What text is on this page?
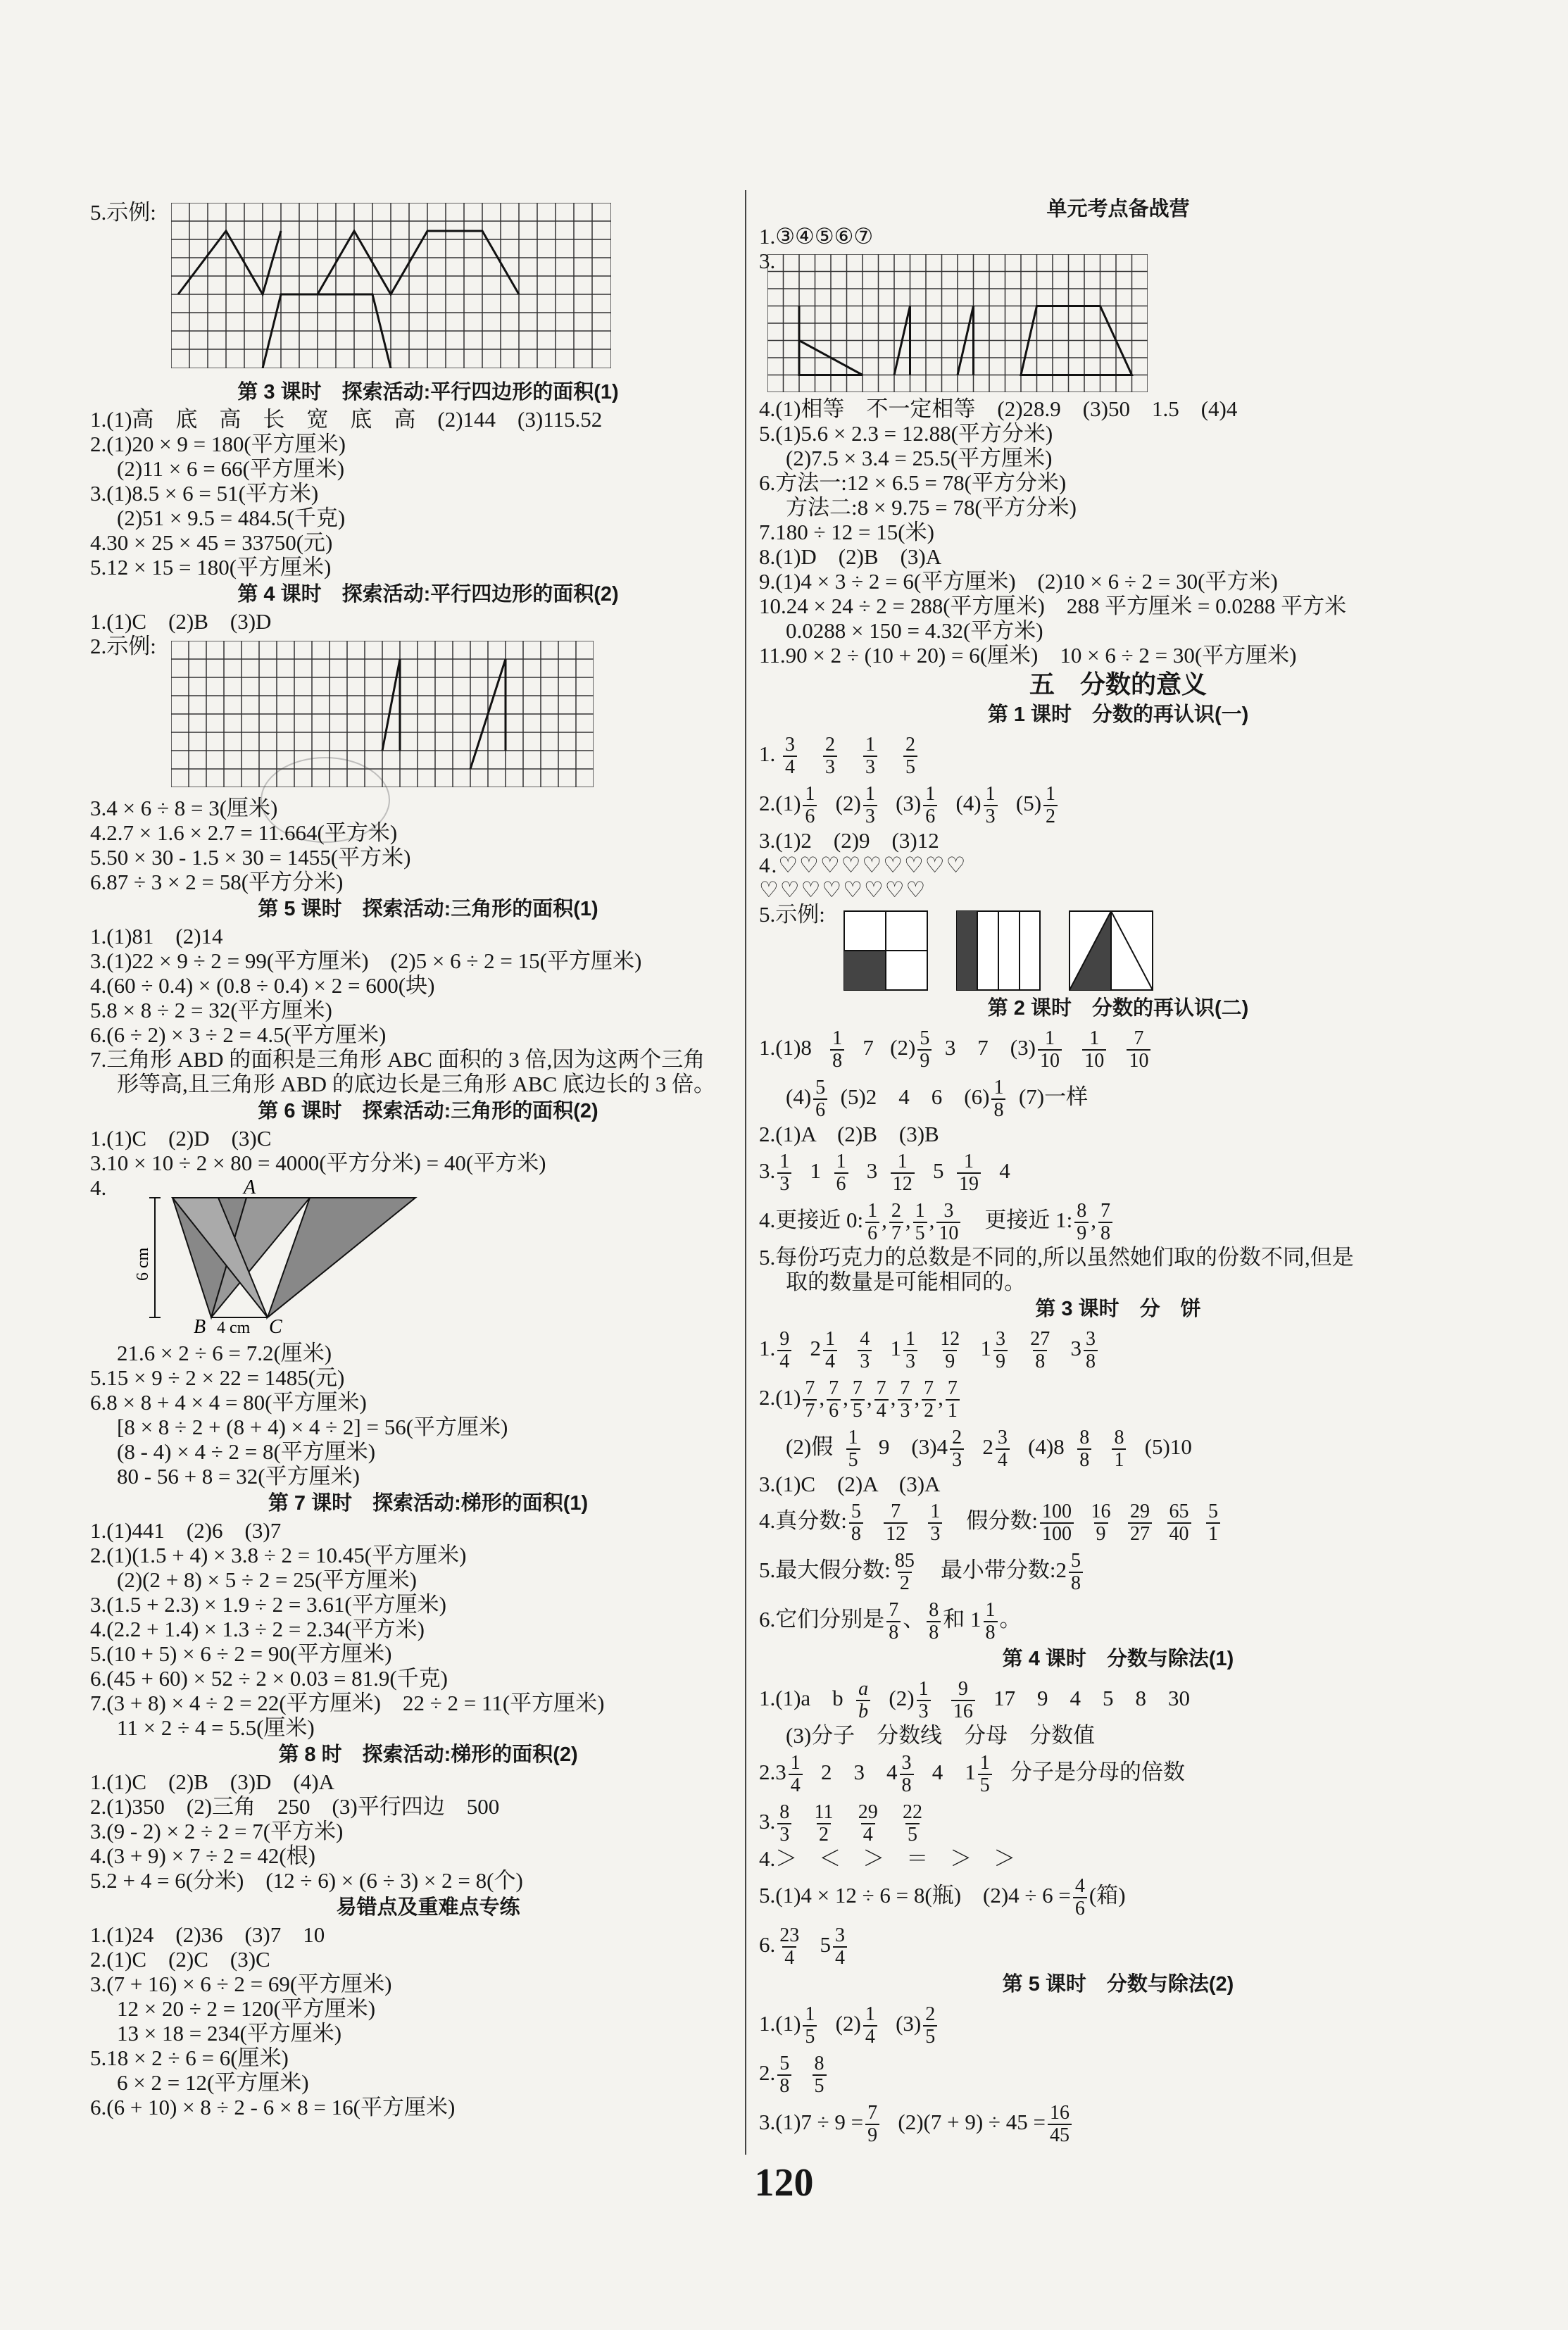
5.示例:
第 3 课时　探索活动:平行四边形的面积(1)
1.(1)高　底　高　长　宽　底　高　(2)144　(3)115.52
2.(1)20 × 9 = 180(平方厘米)
(2)11 × 6 = 66(平方厘米)
3.(1)8.5 × 6 = 51(平方米)
(2)51 × 9.5 = 484.5(千克)
4.30 × 25 × 45 = 33750(元)
5.12 × 15 = 180(平方厘米)
第 4 课时　探索活动:平行四边形的面积(2)
1.(1)C　(2)B　(3)D
2.示例:
3.4 × 6 ÷ 8 = 3(厘米)
4.2.7 × 1.6 × 2.7 = 11.664(平方米)
5.50 × 30 - 1.5 × 30 = 1455(平方米)
6.87 ÷ 3 × 2 = 58(平方分米)
第 5 课时　探索活动:三角形的面积(1)
1.(1)81　(2)14
3.(1)22 × 9 ÷ 2 = 99(平方厘米)　(2)5 × 6 ÷ 2 = 15(平方厘米)
4.(60 ÷ 0.4) × (0.8 ÷ 0.4) × 2 = 600(块)
5.8 × 8 ÷ 2 = 32(平方厘米)
6.(6 ÷ 2) × 3 ÷ 2 = 4.5(平方厘米)
7.三角形 ABD 的面积是三角形 ABC 面积的 3 倍,因为这两个三角
形等高,且三角形 ABD 的底边长是三角形 ABC 底边长的 3 倍。
第 6 课时　探索活动:三角形的面积(2)
1.(1)C　(2)D　(3)C
3.10 × 10 ÷ 2 × 80 = 4000(平方分米) = 40(平方米)
4.	A
B	C
4 cm
6 cm
21.6 × 2 ÷ 6 = 7.2(厘米)
5.15 × 9 ÷ 2 × 22 = 1485(元)
6.8 × 8 + 4 × 4 = 80(平方厘米)
[8 × 8 ÷ 2 + (8 + 4) × 4 ÷ 2] = 56(平方厘米)
(8 - 4) × 4 ÷ 2 = 8(平方厘米)
80 - 56 + 8 = 32(平方厘米)
第 7 课时　探索活动:梯形的面积(1)
1.(1)441　(2)6　(3)7
2.(1)(1.5 + 4) × 3.8 ÷ 2 = 10.45(平方厘米)
(2)(2 + 8) × 5 ÷ 2 = 25(平方厘米)
3.(1.5 + 2.3) × 1.9 ÷ 2 = 3.61(平方厘米)
4.(2.2 + 1.4) × 1.3 ÷ 2 = 2.34(平方米)
5.(10 + 5) × 6 ÷ 2 = 90(平方厘米)
6.(45 + 60) × 52 ÷ 2 × 0.03 = 81.9(千克)
7.(3 + 8) × 4 ÷ 2 = 22(平方厘米)　22 ÷ 2 = 11(平方厘米)
11 × 2 ÷ 4 = 5.5(厘米)
第 8 时　探索活动:梯形的面积(2)
1.(1)C　(2)B　(3)D　(4)A
2.(1)350　(2)三角　250　(3)平行四边　500
3.(9 - 2) × 2 ÷ 2 = 7(平方米)
4.(3 + 9) × 7 ÷ 2 = 42(根)
5.2 + 4 = 6(分米)　(12 ÷ 6) × (6 ÷ 3) × 2 = 8(个)
易错点及重难点专练
1.(1)24　(2)36　(3)7　10
2.(1)C　(2)C　(3)C
3.(7 + 16) × 6 ÷ 2 = 69(平方厘米)
12 × 20 ÷ 2 = 120(平方厘米)
13 × 18 = 234(平方厘米)
5.18 × 2 ÷ 6 = 6(厘米)
6 × 2 = 12(平方厘米)
6.(6 + 10) × 8 ÷ 2 - 6 × 8 = 16(平方厘米)
单元考点备战营
1.③④⑤⑥⑦
3.
4.(1)相等　不一定相等　(2)28.9　(3)50　1.5　(4)4
5.(1)5.6 × 2.3 = 12.88(平方分米)
(2)7.5 × 3.4 = 25.5(平方厘米)
6.方法一:12 × 6.5 = 78(平方分米)
方法二:8 × 9.75 = 78(平方分米)
7.180 ÷ 12 = 15(米)
8.(1)D　(2)B　(3)A
9.(1)4 × 3 ÷ 2 = 6(平方厘米)　(2)10 × 6 ÷ 2 = 30(平方米)
10.24 × 24 ÷ 2 = 288(平方厘米)　288 平方厘米 = 0.0288 平方米
0.0288 × 150 = 4.32(平方米)
11.90 × 2 ÷ (10 + 20) = 6(厘米)　10 × 6 ÷ 2 = 30(平方厘米)
五　分数的意义
第 1 课时　分数的再认识(一)
1. $\frac{3}{4}$
$\frac{2}{3}$
$\frac{1}{3}$
$\frac{2}{5}$
$2.(1) \frac{1}{6} (2) \frac{1}{3} (3) \frac{1}{6} (4) \frac{1}{3} (5) \frac{1}{2}$
3.(1)2　(2)9　(3)12
4.♡♡♡♡♡♡♡♡♡
♡♡♡♡♡♡♡♡
5.示例:

第 2 课时　分数的再认识(二)
$1.(1)8 \frac{1}{8} 7$ $(2) \frac{5}{9} 3$　7　$(3) \frac{1}{10}$
$\frac{1}{10}$
$\frac{7}{10}$
$(4) \frac{5}{6} (5)2$　4　6　$(6) \frac{1}{8} (7)$一样
2.(1)A　(2)B　(3)B
3. $\frac{1}{3} 1 \frac{1}{6} 3 \frac{1}{12} 5 \frac{1}{19} 4$
4.更接近 0: $\frac{1}{6}$ , $\frac{2}{7}$ , $\frac{1}{5}$ , $\frac{3}{10}$ 更接近 1: $\frac{8}{9}$ , $\frac{7}{8}$
5.每份巧克力的总数是不同的,所以虽然她们取的份数不同,但是
取的数量是可能相同的。
第 3 课时　分　饼
1. $\frac{9}{4} 2 \frac{1}{4}$
$\frac{4}{3} 1 \frac{1}{3}$
$\frac{12}{9} 1 \frac{3}{9}$
$\frac{27}{8} 3 \frac{3}{8}$
$2.(1) \frac{7}{7}$ , $\frac{7}{6}$ , $\frac{7}{5}$ , $\frac{7}{4}$ , $\frac{7}{3}$ , $\frac{7}{2}$ , $\frac{7}{1}$
(2)假 $\frac{1}{5} 9$　$(3)4 \frac{2}{3} 2 \frac{3}{4} (4)8 \frac{8}{8}$
$\frac{8}{1} (5)10$
3.(1)C　(2)A　(3)A
4.真分数: $\frac{5}{8}$
$\frac{7}{12}$
$\frac{1}{3}$ 假分数: $\frac{100}{100}$
$\frac{16}{9}$
$\frac{29}{27}$
$\frac{65}{40}$
$\frac{5}{1}$
5.最大假分数: $\frac{85}{2}$ 最小带分数:2 $\frac{5}{8}$
6.它们分别是 $\frac{7}{8}$ 、 $\frac{8}{8}$ 和 $1 \frac{1}{8}$ 。
第 4 课时　分数与除法(1)
1.(1)a　b $\frac{a}{b} (2) \frac{1}{3}$
$\frac{9}{16} 17$　9　4　5　8　30
(3)分子　分数线　分母　分数值
$2.3 \frac{1}{4} 2$　3　$4 \frac{3}{8} 4$　$1 \frac{1}{5}$ 分子是分母的倍数
3. $\frac{8}{3}$
$\frac{11}{2}$
$\frac{29}{4}$
$\frac{22}{5}$
4.＞　＜　＞　＝　＞　＞
5.(1)4 × 12 ÷ 6 = 8(瓶)　$(2)4 \div 6 = \frac{4}{6}$ (箱)
6. $\frac{23}{4} 5 \frac{3}{4}$
第 5 课时　分数与除法(2)
$1.(1) \frac{1}{5} (2) \frac{1}{4} (3) \frac{2}{5}$
2. $\frac{5}{8}$
$\frac{8}{5}$
$3.(1)7 \div 9 = \frac{7}{9} (2)(7 + 9) \div 45 = \frac{16}{45}$
120
